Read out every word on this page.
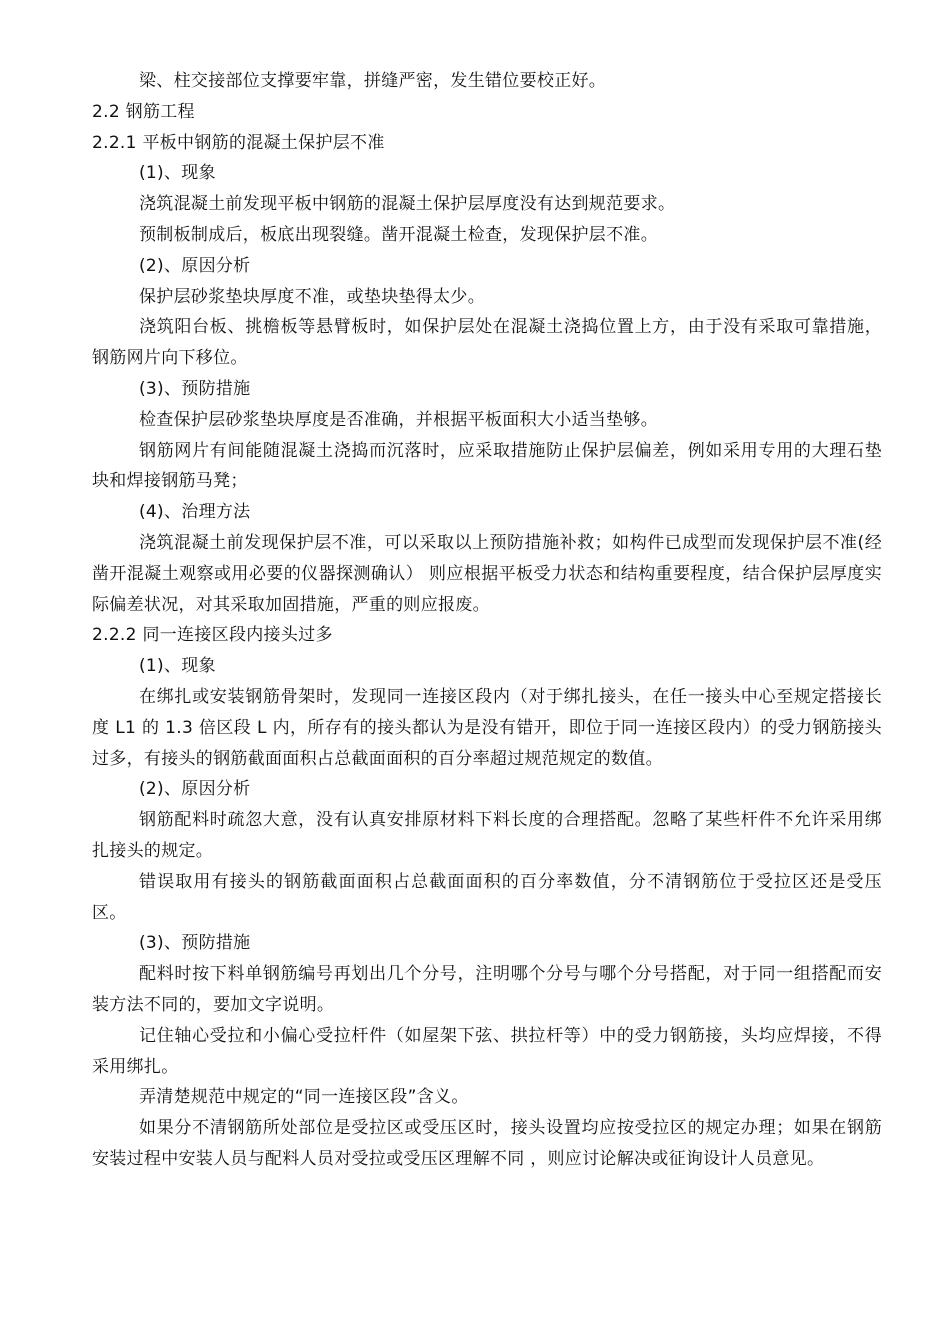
梁、柱交接部位支撑要牢靠，拼缝严密，发生错位要校正好。

2.2 钢筋工程

2.2.1 平板中钢筋的混凝土保护层不准

(1)、现象

浇筑混凝土前发现平板中钢筋的混凝土保护层厚度没有达到规范要求。

预制板制成后，板底出现裂缝。凿开混凝土检查，发现保护层不准。

(2)、原因分析

保护层砂浆垫块厚度不准，或垫块垫得太少。

浇筑阳台板、挑檐板等悬臂板时，如保护层处在混凝土浇捣位置上方，由于没有采取可靠措施，钢筋网片向下移位。

(3)、预防措施

检查保护层砂浆垫块厚度是否准确，并根据平板面积大小适当垫够。

钢筋网片有间能随混凝土浇捣而沉落时，应采取措施防止保护层偏差，例如采用专用的大理石垫块和焊接钢筋马凳；

(4)、治理方法

浇筑混凝土前发现保护层不准，可以采取以上预防措施补救；如构件已成型而发现保护层不准(经凿开混凝土观察或用必要的仪器探测确认） 则应根据平板受力状态和结构重要程度，结合保护层厚度实际偏差状况，对其采取加固措施，严重的则应报废。

2.2.2 同一连接区段内接头过多

(1)、现象

在绑扎或安装钢筋骨架时，发现同一连接区段内（对于绑扎接头，在任一接头中心至规定搭接长度 L1 的 1.3 倍区段 L 内，所存有的接头都认为是没有错开，即位于同一连接区段内）的受力钢筋接头过多，有接头的钢筋截面面积占总截面面积的百分率超过规范规定的数值。

(2)、原因分析

钢筋配料时疏忽大意，没有认真安排原材料下料长度的合理搭配。忽略了某些杆件不允许采用绑扎接头的规定。

错误取用有接头的钢筋截面面积占总截面面积的百分率数值，分不清钢筋位于受拉区还是受压区。

(3)、预防措施

配料时按下料单钢筋编号再划出几个分号，注明哪个分号与哪个分号搭配，对于同一组搭配而安装方法不同的，要加文字说明。

记住轴心受拉和小偏心受拉杆件（如屋架下弦、拱拉杆等）中的受力钢筋接，头均应焊接，不得采用绑扎。

弄清楚规范中规定的“同一连接区段”含义。

如果分不清钢筋所处部位是受拉区或受压区时，接头设置均应按受拉区的规定办理；如果在钢筋安装过程中安装人员与配料人员对受拉或受压区理解不同 ，则应讨论解决或征询设计人员意见。
